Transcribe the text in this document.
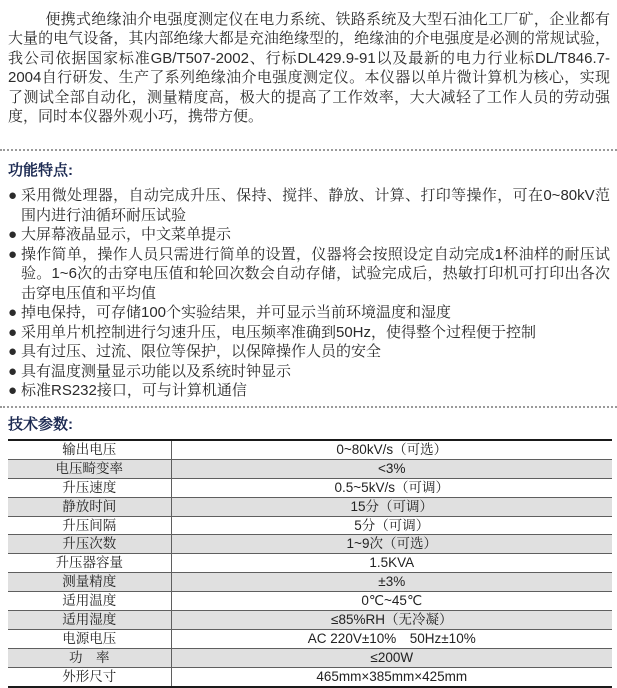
便携式绝缘油介电强度测定仪在电力系统、铁路系统及大型石油化工厂矿，企业都有大量的电气设备，其内部绝缘大都是充油绝缘型的，绝缘油的介电强度是必测的常规试验，我公司依据国家标准GB/T507-2002、行标DL429.9-91以及最新的电力行业标DL/T846.7-2004自行研发、生产了系列绝缘油介电强度测定仪。本仪器以单片微计算机为核心，实现了测试全部自动化，测量精度高，极大的提高了工作效率，大大减轻了工作人员的劳动强度，同时本仪器外观小巧，携带方便。

功能特点:
● 采用微处理器，自动完成升压、保持、搅拌、静放、计算、打印等操作，可在0~80kV范围内进行油循环耐压试验
● 大屏幕液晶显示，中文菜单提示
● 操作简单，操作人员只需进行简单的设置，仪器将会按照设定自动完成1杯油样的耐压试验。1~6次的击穿电压值和轮回次数会自动存储，试验完成后，热敏打印机可打印出各次击穿电压值和平均值
● 掉电保持，可存储100个实验结果，并可显示当前环境温度和湿度
● 采用单片机控制进行匀速升压，电压频率准确到50Hz，使得整个过程便于控制
● 具有过压、过流、限位等保护，以保障操作人员的安全
● 具有温度测量显示功能以及系统时钟显示
● 标准RS232接口，可与计算机通信
技术参数:
输出电压	0~80kV/s（可选）
电压畸变率	<3%
升压速度	0.5~5kV/s（可调）
静放时间	15分（可调）
升压间隔	5分（可调）
升压次数	1~9次（可选）
升压器容量	1.5KVA
测量精度	±3%
适用温度	0℃~45℃
适用湿度	≤85%RH（无冷凝）
电源电压	AC 220V±10%　50Hz±10%
功　率	≤200W
外形尺寸	465mm×385mm×425mm
